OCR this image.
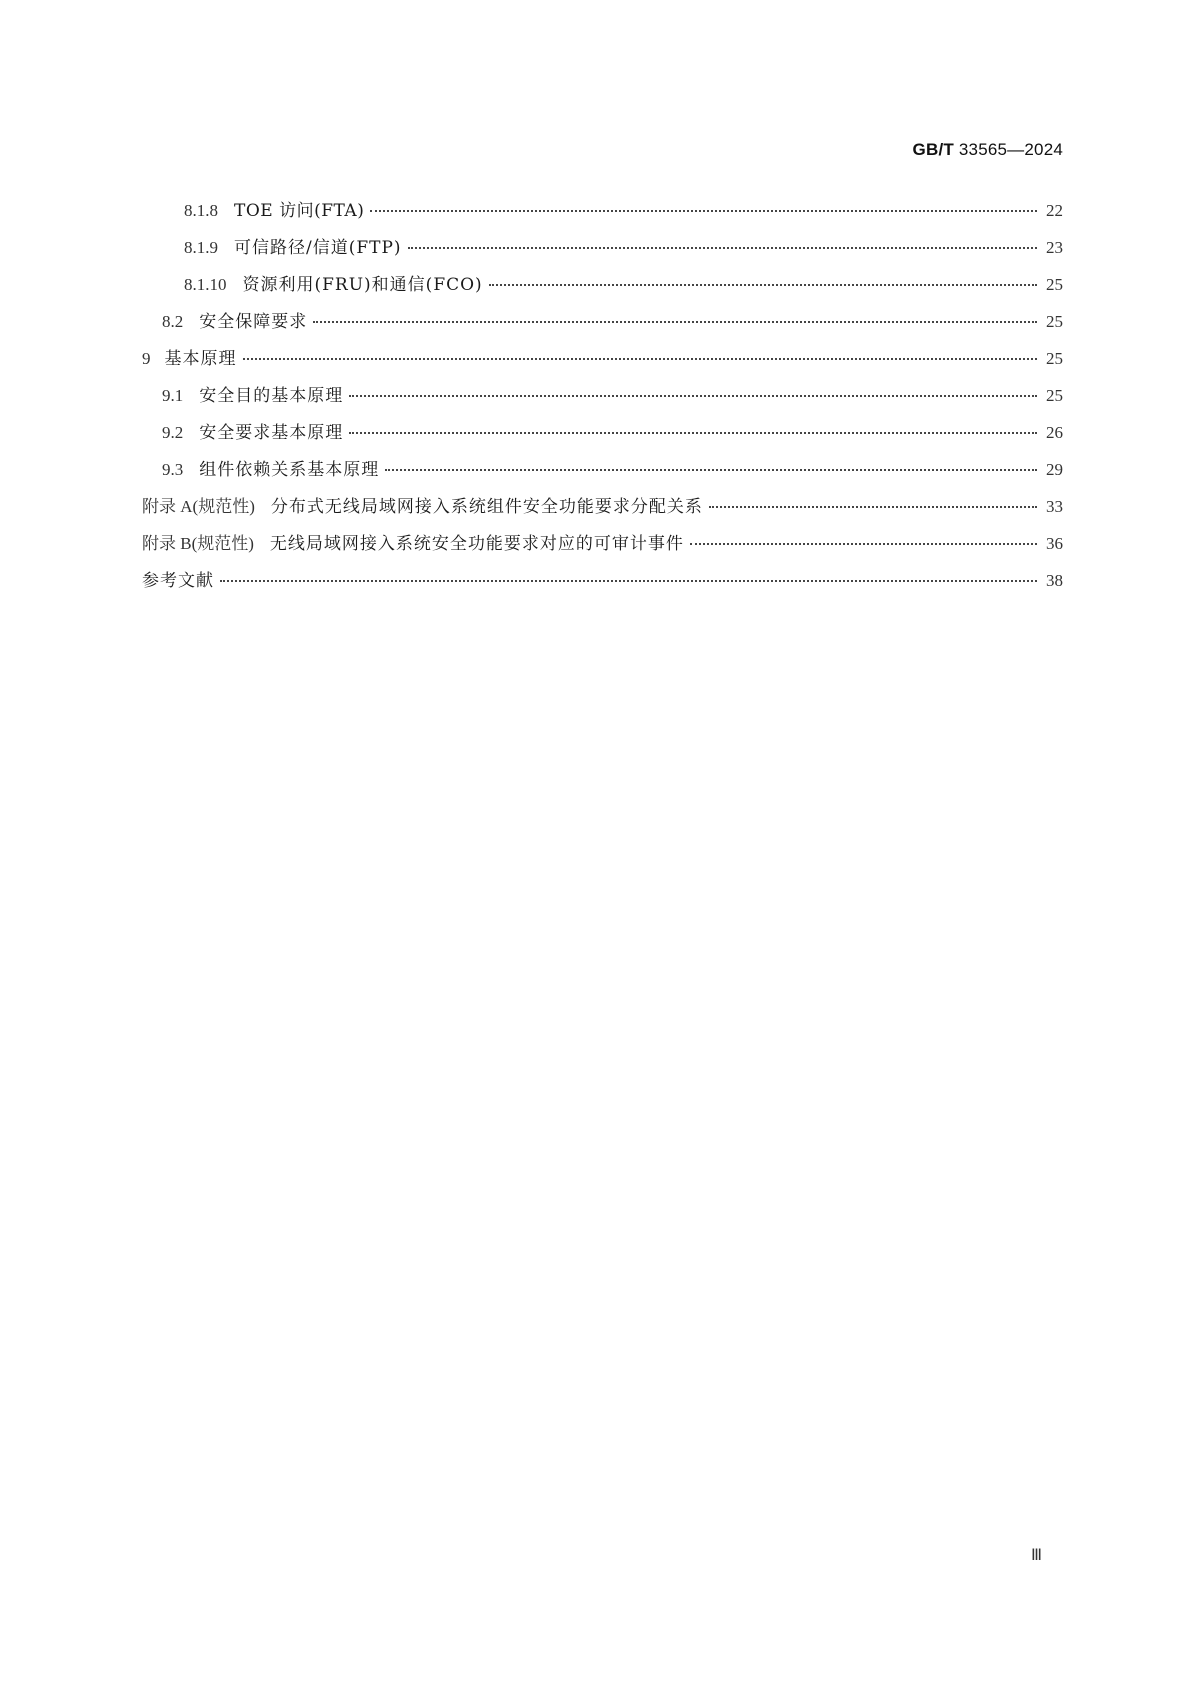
GB/T 33565—2024
8.1.8 TOE 访问(FTA)	22
8.1.9 可信路径/信道(FTP)	23
8.1.10 资源利用(FRU)和通信(FCO)	25
8.2 安全保障要求	25
9 基本原理	25
9.1 安全目的基本原理	25
9.2 安全要求基本原理	26
9.3 组件依赖关系基本原理	29
附录 A(规范性) 分布式无线局域网接入系统组件安全功能要求分配关系	33
附录 B(规范性) 无线局域网接入系统安全功能要求对应的可审计事件	36
参考文献	38
Ⅲ
